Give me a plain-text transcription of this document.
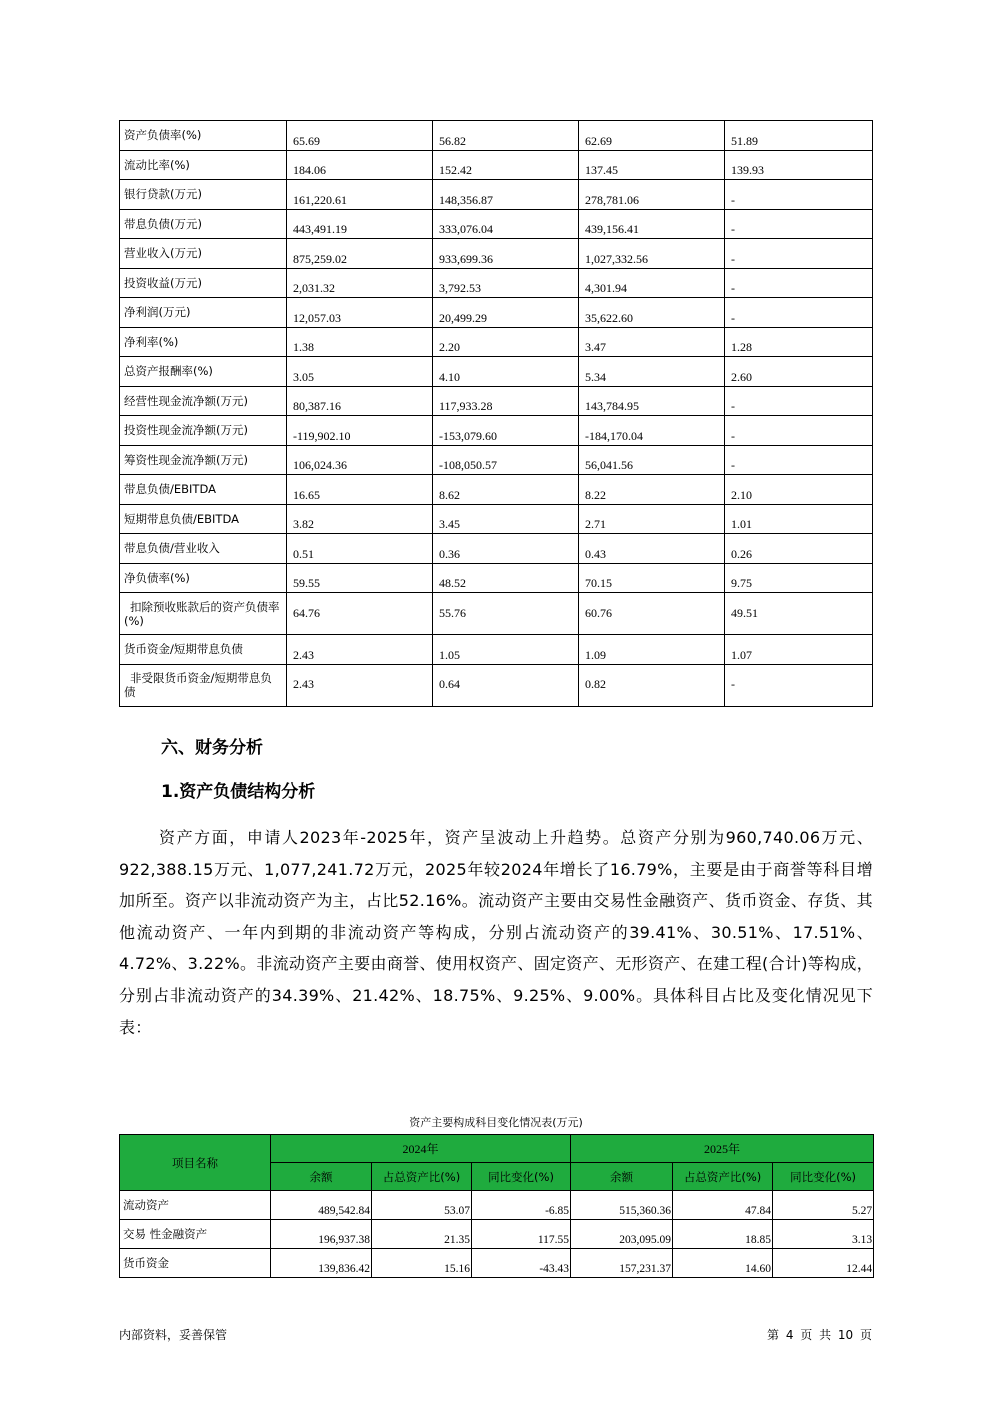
资产负债率(%)	65.69	56.82	62.69	51.89
流动比率(%)	184.06	152.42	137.45	139.93
银行贷款(万元)	161,220.61	148,356.87	278,781.06	-
带息负债(万元)	443,491.19	333,076.04	439,156.41	-
营业收入(万元)	875,259.02	933,699.36	1,027,332.56	-
投资收益(万元)	2,031.32	3,792.53	4,301.94	-
净利润(万元)	12,057.03	20,499.29	35,622.60	-
净利率(%)	1.38	2.20	3.47	1.28
总资产报酬率(%)	3.05	4.10	5.34	2.60
经营性现金流净额(万元)	80,387.16	117,933.28	143,784.95	-
投资性现金流净额(万元)	-119,902.10	-153,079.60	-184,170.04	-
筹资性现金流净额(万元)	106,024.36	-108,050.57	56,041.56	-
带息负债/EBITDA	16.65	8.62	8.22	2.10
短期带息负债/EBITDA	3.82	3.45	2.71	1.01
带息负债/营业收入	0.51	0.36	0.43	0.26
净负债率(%)	59.55	48.52	70.15	9.75
扣除预收账款后的资产负债率(%)	64.76	55.76	60.76	49.51
货币资金/短期带息负债	2.43	1.05	1.09	1.07
非受限货币资金/短期带息负债	2.43	0.64	0.82	-
六、财务分析
1.资产负债结构分析

资产方面，申请人2023年-2025年，资产呈波动上升趋势。总资产分别为960,740.06万元、922,388.15万元、1,077,241.72万元，2025年较2024年增长了16.79%，主要是由于商誉等科目增加所至。资产以非流动资产为主，占比52.16%。流动资产主要由交易性金融资产、货币资金、存货、其他流动资产、一年内到期的非流动资产等构成，分别占流动资产的39.41%、30.51%、17.51%、4.72%、3.22%。非流动资产主要由商誉、使用权资产、固定资产、无形资产、在建工程(合计)等构成，分别占非流动资产的34.39%、21.42%、18.75%、9.25%、9.00%。具体科目占比及变化情况见下表：

资产主要构成科目变化情况表(万元)
项目名称	2024年			2025年		
	余额	占总资产比(%)	同比变化(%)	余额	占总资产比(%)	同比变化(%)
流动资产	489,542.84	53.07	-6.85	515,360.36	47.84	5.27
交易 性金融资产	196,937.38	21.35	117.55	203,095.09	18.85	3.13
货币资金	139,836.42	15.16	-43.43	157,231.37	14.60	12.44
内部资料，妥善保管	第 4 页 共 10 页
